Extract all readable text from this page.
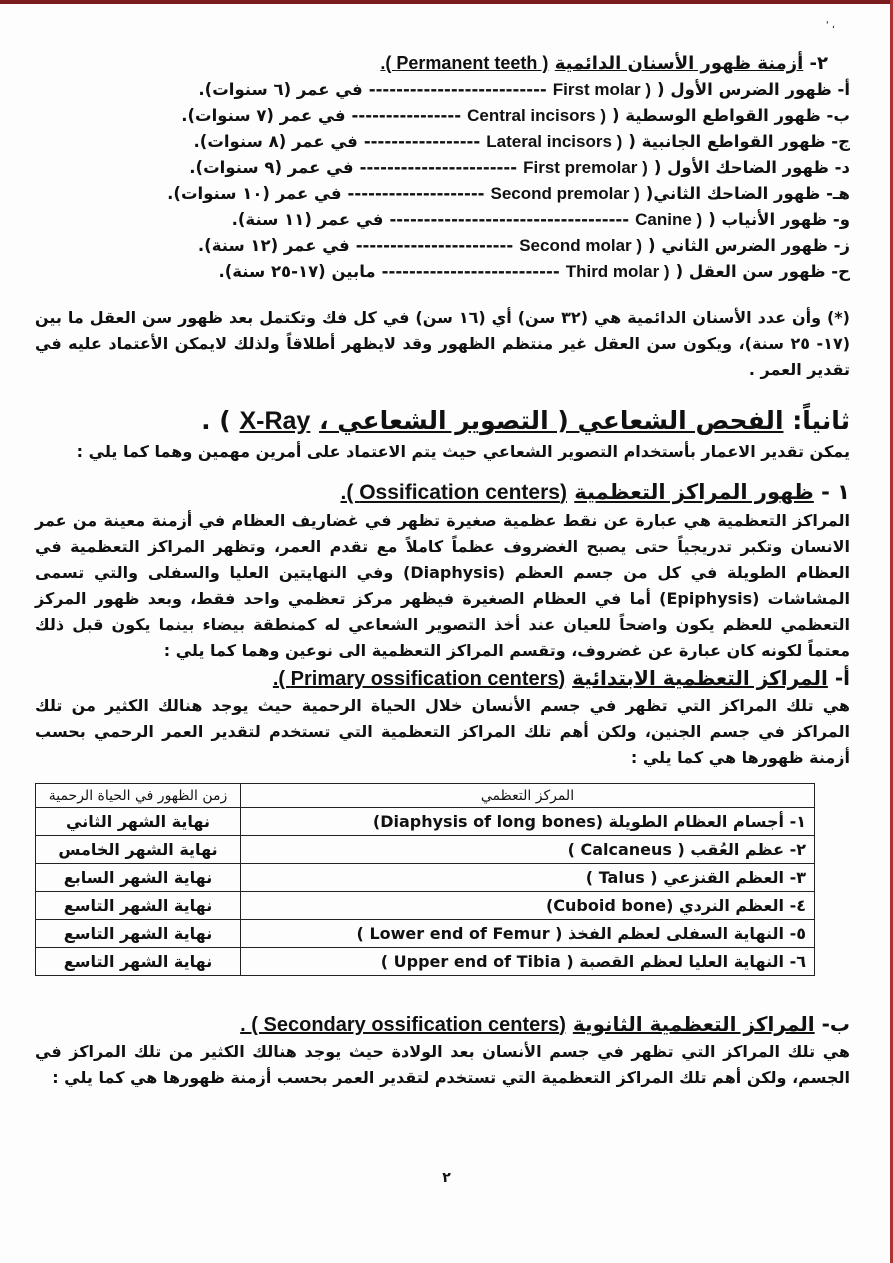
، '
٢- أزمنة ظهور الأسنان الدائمية ( Permanent teeth ).
في عمر (٦ سنوات). -------------------------- First molar ) أ- ظهور الضرس الأول (
في عمر (٧ سنوات). ---------------- Central incisors ) ب- ظهور القواطع الوسطية (
في عمر (٨ سنوات). ----------------- Lateral incisors ) ج- ظهور القواطع الجانبية (
في عمر (٩ سنوات). ----------------------- First premolar ) د- ظهور الضاحك الأول (
في عمر (١٠ سنوات). -------------------- Second premolar ) هـ- ظهور الضاحك الثاني(
في عمر (١١ سنة). ----------------------------------- Canine ) و- ظهور الأنياب (
في عمر (١٢ سنة). ----------------------- Second molar ) ز- ظهور الضرس الثاني (
مابين (١٧-٢٥ سنة). -------------------------- Third molar ) ح- ظهور سن العقل (

(*) وأن عدد الأسنان الدائمية هي (٣٢ سن) أي (١٦ سن) في كل فك وتكتمل بعد ظهور سن العقل ما بين (١٧- ٢٥ سنة)، ويكون سن العقل غير منتظم الظهور وقد لايظهر أطلاقاً ولذلك لايمكن الأعتماد عليه في تقدير العمر .

ثانياً: الفحص الشعاعي ( التصوير الشعاعي ، X-Ray ) .

يمكن تقدير الاعمار بأستخدام التصوير الشعاعي حيث يتم الاعتماد على أمرين مهمين وهما كما يلي :

١ - ظهور المراكز التعظمية (Ossification centers ).

المراكز التعظمية هي عبارة عن نقط عظمية صغيرة تظهر في غضاريف العظام في أزمنة معينة من عمر الانسان وتكبر تدريجياً حتى يصبح الغضروف عظماً كاملاً مع تقدم العمر، وتظهر المراكز التعظمية في العظام الطويلة في كل من جسم العظم (Diaphysis) وفي النهايتين العليا والسفلى والتي تسمى المشاشات (Epiphysis) أما في العظام الصغيرة فيظهر مركز تعظمي واحد فقط، وبعد ظهور المركز التعظمي للعظم يكون واضحاً للعيان عند أخذ التصوير الشعاعي له كمنطقة بيضاء بينما يكون قبل ذلك معتماً لكونه كان عبارة عن غضروف، وتقسم المراكز التعظمية الى نوعين وهما كما يلي :

أ- المراكز التعظمية الابتدائية (Primary ossification centers ).

هي تلك المراكز التي تظهر في جسم الأنسان خلال الحياة الرحمية حيث يوجد هنالك الكثير من تلك المراكز في جسم الجنين، ولكن أهم تلك المراكز التعظمية التي تستخدم لتقدير العمر الرحمي بحسب أزمنة ظهورها هي كما يلي :

المركز التعظمي	زمن الظهور في الحياة الرحمية
١- أجسام العظام الطويلة (Diaphysis of long bones)	نهاية الشهر الثاني
٢- عظم العُقب ( Calcaneus )	نهاية الشهر الخامس
٣- العظم القنزعي ( Talus )	نهاية الشهر السابع
٤- العظم النردي (Cuboid bone)	نهاية الشهر التاسع
٥- النهاية السفلى لعظم الفخذ ( Lower end of Femur )	نهاية الشهر التاسع
٦- النهاية العليا لعظم القصبة ( Upper end of Tibia )	نهاية الشهر التاسع
ب- المراكز التعظمية الثانوية (Secondary ossification centers ) .

هي تلك المراكز التي تظهر في جسم الأنسان بعد الولادة حيث يوجد هنالك الكثير من تلك المراكز في الجسم، ولكن أهم تلك المراكز التعظمية التي تستخدم لتقدير العمر بحسب أزمنة ظهورها هي كما يلي :

٢
